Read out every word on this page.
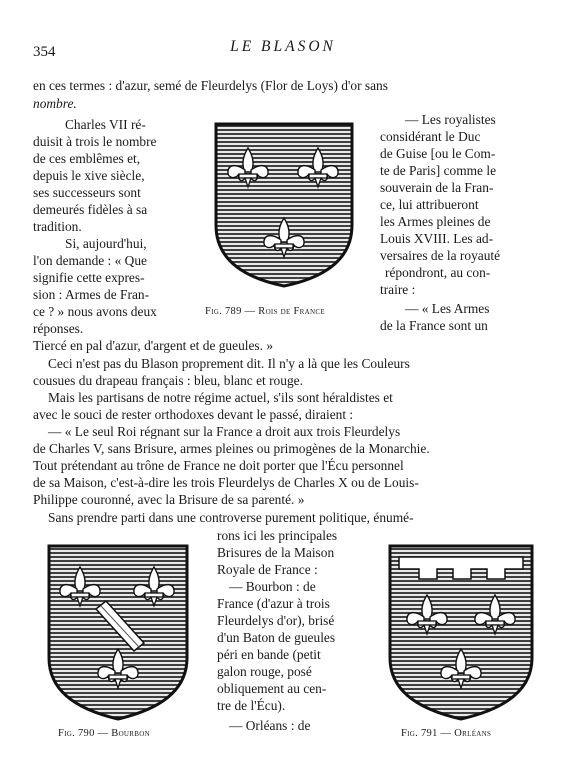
354	LE BLASON
Fig. 789 — Rois de France
Fig. 790 — Bourbon	Fig. 791 — Orléans
en ces termes : d'azur, semé de Fleurdelys (Flor de Loys) d'or sans
nombre.
Charles VII ré-
duisit à trois le nombre
de ces emblêmes et,
depuis le xive siècle,
ses successeurs sont
demeurés fidèles à sa
tradition.
Si, aujourd'hui,
l'on demande : « Que
signifie cette expres-
sion : Armes de Fran-
ce ? » nous avons deux
réponses.
— Les royalistes
considérant le Duc
de Guise [ou le Com-
te de Paris] comme le
souverain de la Fran-
ce, lui attribueront
les Armes pleines de
Louis XVIII. Les ad-
versaires de la royauté
répondront, au con-
traire :
— « Les Armes
de la France sont un
Tiercé en pal d'azur, d'argent et de gueules. »
Ceci n'est pas du Blason proprement dit. Il n'y a là que les Couleurs
cousues du drapeau français : bleu, blanc et rouge.
Mais les partisans de notre régime actuel, s'ils sont héraldistes et
avec le souci de rester orthodoxes devant le passé, diraient :
— « Le seul Roi régnant sur la France a droit aux trois Fleurdelys
de Charles V, sans Brisure, armes pleines ou primogènes de la Monarchie.
Tout prétendant au trône de France ne doit porter que l'Écu personnel
de sa Maison, c'est-à-dire les trois Fleurdelys de Charles X ou de Louis-
Philippe couronné, avec la Brisure de sa parenté. »
Sans prendre parti dans une controverse purement politique, énumé-
rons ici les principales
Brisures de la Maison
Royale de France :
— Bourbon : de
France (d'azur à trois
Fleurdelys d'or), brisé
d'un Baton de gueules
péri en bande (petit
galon rouge, posé
obliquement au cen-
tre de l'Écu).
— Orléans : de
